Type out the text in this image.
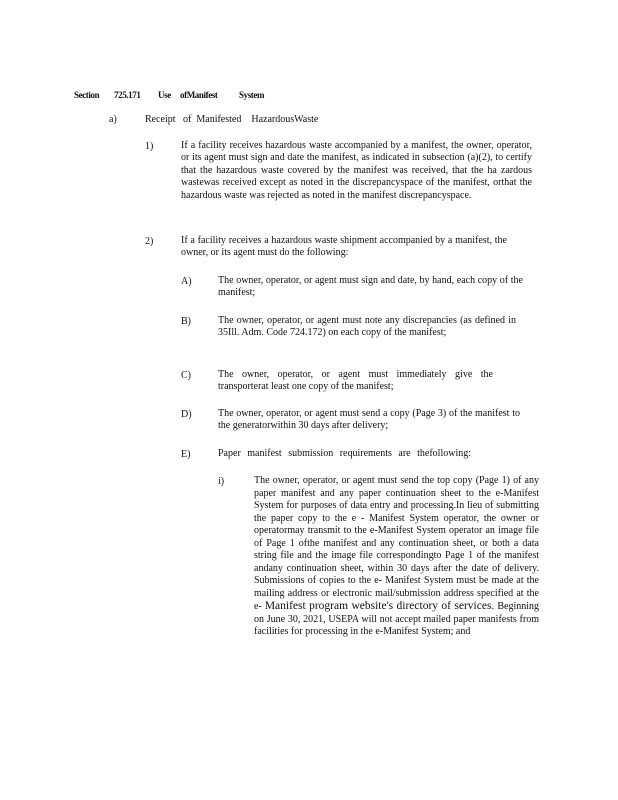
Section 725.171 Use ofManifest System
a)	Receipt   of  Manifested    HazardousWaste
1)	If a facility receives hazardous waste accompanied by a manifest, the owner, operator, or its agent must sign and date the manifest, as indicated in subsection (a)(2), to certify that the hazardous waste covered by the manifest was received, that the ha zardous wastewas received except as noted in the discrepancyspace of the manifest, orthat the hazardous waste was rejected as noted in the manifest discrepancyspace.
2)	If a facility receives a hazardous waste shipment accompanied by a manifest, the owner, or its agent must do the following:
A)	The owner, operator, or agent must sign and date, by hand, each copy of the manifest;
B)	The owner, operator, or agent must note any discrepancies (as defined in 35Ill. Adm. Code 724.172) on each copy of the manifest;
C)	The owner, operator, or agent must immediately give the transporterat least one copy of the manifest;
D)	The owner, operator, or agent must send a copy (Page 3) of the manifest to the generatorwithin 30 days after delivery;
E)	Paper manifest submission requirements are thefollowing:
i)	The owner, operator, or agent must send the top copy (Page 1) of any paper manifest and any paper continuation sheet to the e-Manifest System for purposes of data entry and processing.In lieu of submitting the paper copy to the e - Manifest System operator, the owner or operatormay transmit to the e-Manifest System operator an image file of Page 1 ofthe manifest and any continuation sheet, or both a data string file and the image file correspondingto Page 1 of the manifest andany continuation sheet, within 30 days after the date of delivery. Submissions of copies to the e- Manifest System must be made at the mailing address or electronic mail/submission address specified at the e- Manifest program website's directory of services. Beginning on June 30, 2021, USEPA will not accept mailed paper manifests from facilities for processing in the e-Manifest System; and
